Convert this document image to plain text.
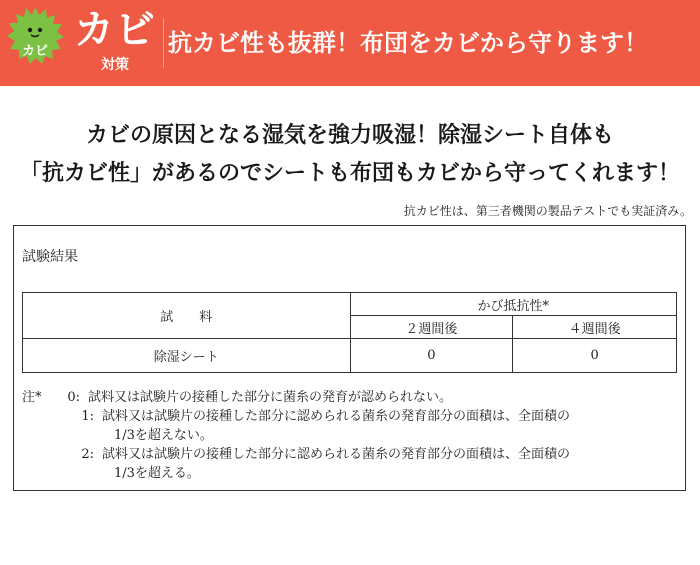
カビ カビ
対策
抗カビ性も抜群！布団をカビから守ります！
カビの原因となる湿気を強力吸湿！除湿シート自体も
「抗カビ性」があるのでシートも布団もカビから守ってくれます！
抗カビ性は、第三者機関の製品テストでも実証済み。
試験結果
試　　料	かび抵抗性*	
	２週間後	４週間後
除湿シート	0	0
注*	0: 試料又は試験片の接種した部分に菌糸の発育が認められない。
1: 試料又は試験片の接種した部分に認められる菌糸の発育部分の面積は、全面積の
1/3を超えない。
2: 試料又は試験片の接種した部分に認められる菌糸の発育部分の面積は、全面積の
1/3を超える。
